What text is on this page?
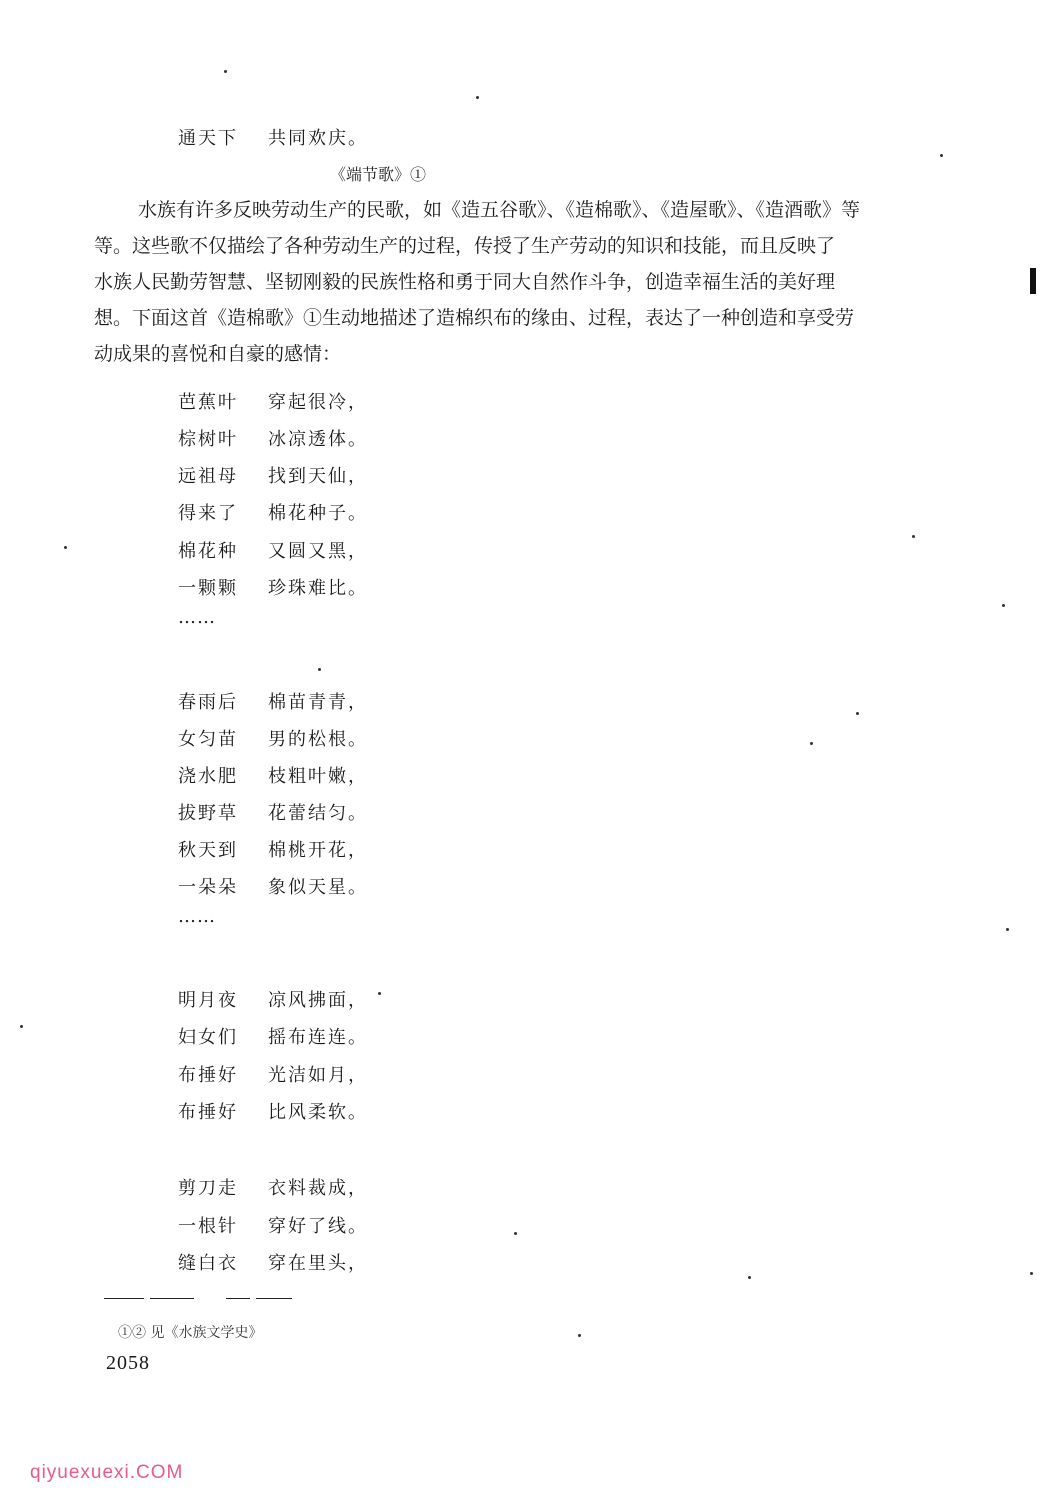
通天下 共同欢庆。
《端节歌》①
水族有许多反映劳动生产的民歌，如《造五谷歌》、《造棉歌》、《造屋歌》、《造酒歌》等
等。这些歌不仅描绘了各种劳动生产的过程，传授了生产劳动的知识和技能，而且反映了
水族人民勤劳智慧、坚韧刚毅的民族性格和勇于同大自然作斗争，创造幸福生活的美好理
想。下面这首《造棉歌》①生动地描述了造棉织布的缘由、过程，表达了一种创造和享受劳
动成果的喜悦和自豪的感情：
芭蕉叶 穿起很冷，
棕树叶 冰凉透体。
远祖母 找到天仙，
得来了 棉花种子。
棉花种 又圆又黑，
一颗颗 珍珠难比。
……
春雨后 棉苗青青，
女匀苗 男的松根。
浇水肥 枝粗叶嫩，
拔野草 花蕾结匀。
秋天到 棉桃开花，
一朵朵 象似天星。
……
明月夜 凉风拂面，
妇女们 摇布连连。
布捶好 光洁如月，
布捶好 比风柔软。
剪刀走 衣料裁成，
一根针 穿好了线。
缝白衣 穿在里头，
①② 见《水族文学史》
2058
qiyuexuexi.COM
